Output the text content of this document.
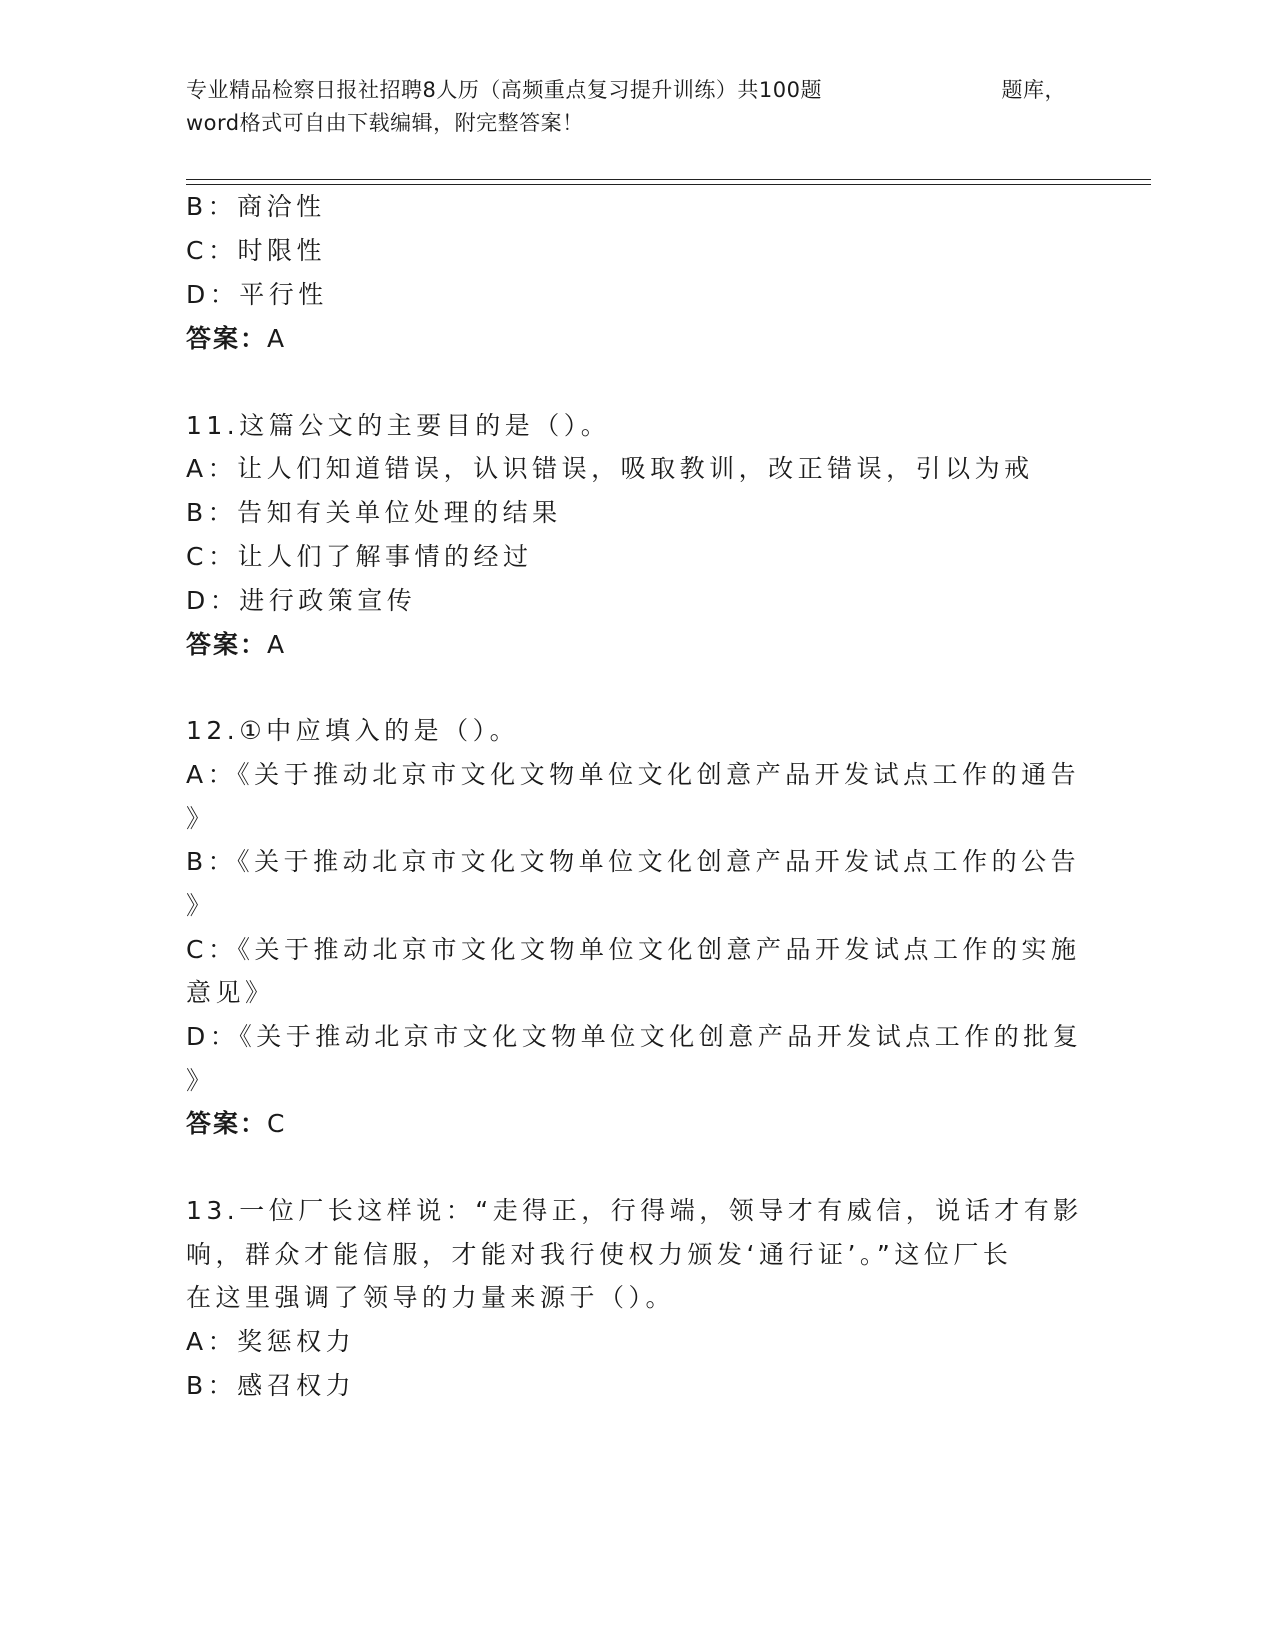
专业精品检察日报社招聘8人历（高频重点复习提升训练）共100题	题库，
word格式可自由下载编辑，附完整答案！
B：商洽性
C：时限性
D：平行性
答案：A
11.这篇公文的主要目的是（）。
A：让人们知道错误，认识错误，吸取教训，改正错误，引以为戒
B：告知有关单位处理的结果
C：让人们了解事情的经过
D：进行政策宣传
答案：A
12.①中应填入的是（）。
A：《关于推动北京市文化文物单位文化创意产品开发试点工作的通告
》
B：《关于推动北京市文化文物单位文化创意产品开发试点工作的公告
》
C：《关于推动北京市文化文物单位文化创意产品开发试点工作的实施
意见》
D：《关于推动北京市文化文物单位文化创意产品开发试点工作的批复
》
答案：C
13.一位厂长这样说：“走得正，行得端，领导才有威信，说话才有影
响，群众才能信服，才能对我行使权力颁发‘通行证’。”这位厂长
在这里强调了领导的力量来源于（）。
A：奖惩权力
B：感召权力
